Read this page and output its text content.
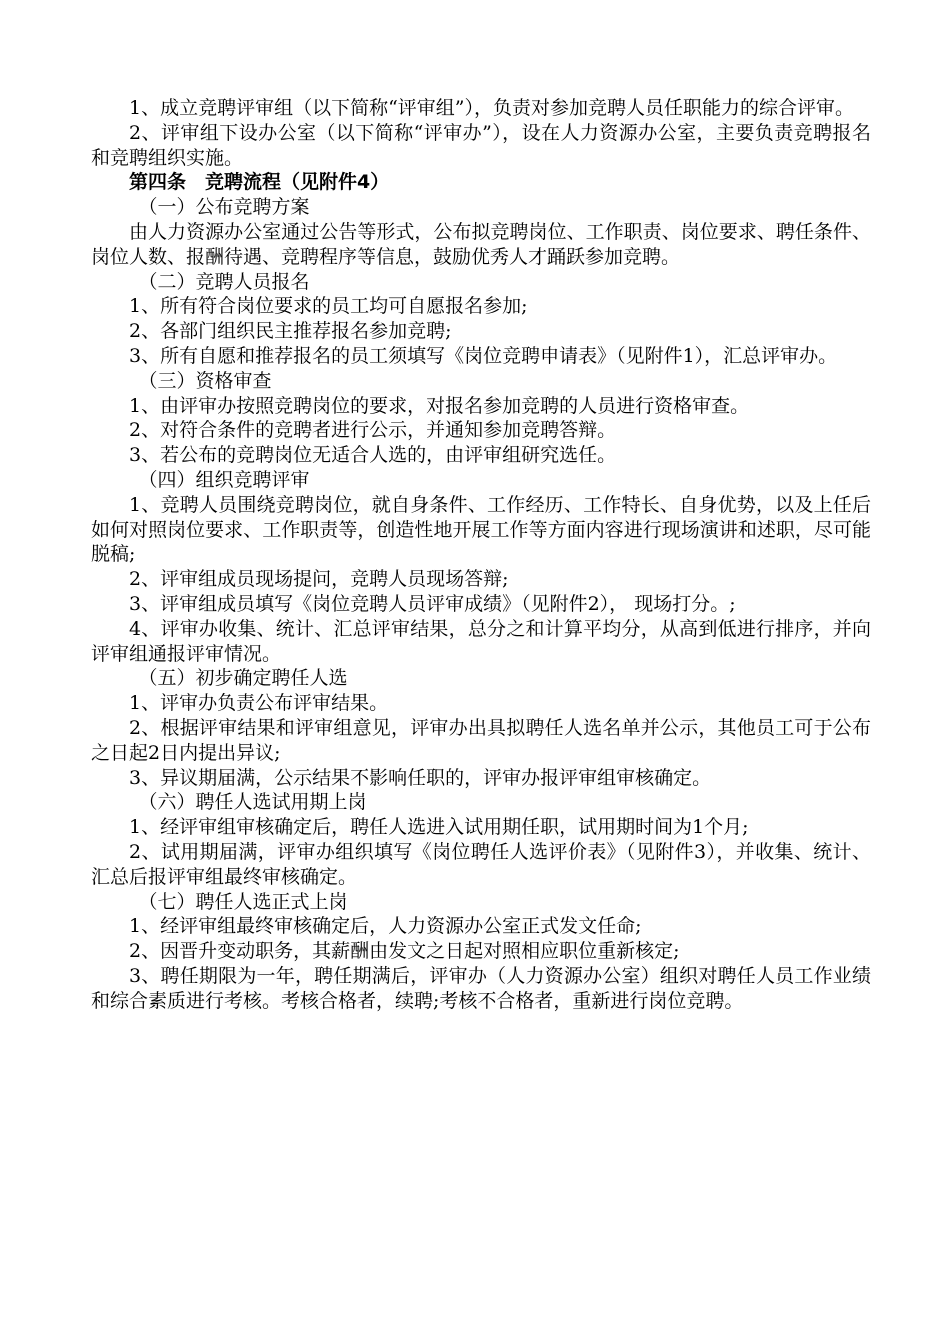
1、成立竞聘评审组（以下简称“评审组”），负责对参加竞聘人员任职能力的综合评审。

2、评审组下设办公室（以下简称“评审办”），设在人力资源办公室，主要负责竞聘报名和竞聘组织实施。

第四条 竞聘流程（见附件4）

（一）公布竞聘方案

由人力资源办公室通过公告等形式，公布拟竞聘岗位、工作职责、岗位要求、聘任条件、岗位人数、报酬待遇、竞聘程序等信息，鼓励优秀人才踊跃参加竞聘。

（二）竞聘人员报名

1、所有符合岗位要求的员工均可自愿报名参加;

2、各部门组织民主推荐报名参加竞聘;

3、所有自愿和推荐报名的员工须填写《岗位竞聘申请表》（见附件1），汇总评审办。

（三）资格审查

1、由评审办按照竞聘岗位的要求，对报名参加竞聘的人员进行资格审查。

2、对符合条件的竞聘者进行公示，并通知参加竞聘答辩。

3、若公布的竞聘岗位无适合人选的，由评审组研究选任。

（四）组织竞聘评审

1、竞聘人员围绕竞聘岗位，就自身条件、工作经历、工作特长、自身优势，以及上任后如何对照岗位要求、工作职责等，创造性地开展工作等方面内容进行现场演讲和述职，尽可能脱稿;

2、评审组成员现场提问，竞聘人员现场答辩;

3、评审组成员填写《岗位竞聘人员评审成绩》（见附件2）， 现场打分。;

4、评审办收集、统计、汇总评审结果，总分之和计算平均分，从高到低进行排序，并向评审组通报评审情况。

（五）初步确定聘任人选

1、评审办负责公布评审结果。

2、根据评审结果和评审组意见，评审办出具拟聘任人选名单并公示，其他员工可于公布之日起2日内提出异议;

3、异议期届满，公示结果不影响任职的，评审办报评审组审核确定。

（六）聘任人选试用期上岗

1、经评审组审核确定后，聘任人选进入试用期任职，试用期时间为1个月;

2、试用期届满，评审办组织填写《岗位聘任人选评价表》（见附件3），并收集、统计、汇总后报评审组最终审核确定。

（七）聘任人选正式上岗

1、经评审组最终审核确定后，人力资源办公室正式发文任命;

2、因晋升变动职务，其薪酬由发文之日起对照相应职位重新核定;

3、聘任期限为一年，聘任期满后，评审办（人力资源办公室）组织对聘任人员工作业绩和综合素质进行考核。考核合格者，续聘;考核不合格者，重新进行岗位竞聘。
